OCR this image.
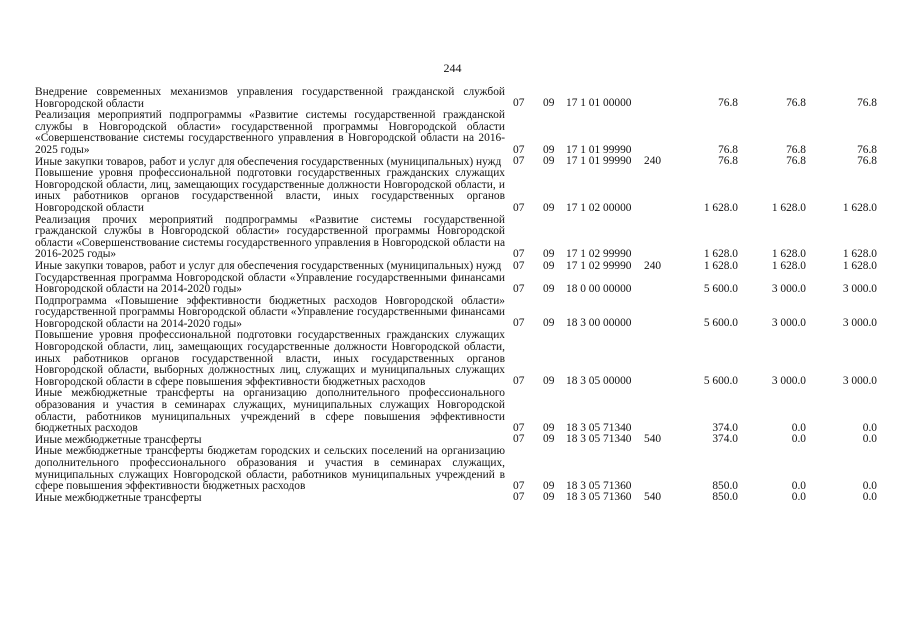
244
Внедрение современных механизмов управления государственной гражданской службой Новгородской области	07 09 17 1 01 00000	76.8	76.8	76.8
Реализация мероприятий подпрограммы «Развитие системы государственной гражданской службы в Новгородской области» государственной программы Новгородской области «Совершенствование системы государственного управления в Новгородской области на 2016-2025 годы»	07 09 17 1 01 99990	76.8	76.8	76.8
Иные закупки товаров, работ и услуг для обеспечения государственных (муниципальных) нужд	07 09 17 1 01 99990 240	76.8	76.8	76.8
Повышение уровня профессиональной подготовки государственных гражданских служащих Новгородской области, лиц, замещающих государственные должности Новгородской области, и иных работников органов государственной власти, иных государственных органов Новгородской области	07 09 17 1 02 00000	1 628.0	1 628.0	1 628.0
Реализация прочих мероприятий подпрограммы «Развитие системы государственной гражданской службы в Новгородской области» государственной программы Новгородской области «Совершенствование системы государственного управления в Новгородской области на 2016-2025 годы»	07 09 17 1 02 99990	1 628.0	1 628.0	1 628.0
Иные закупки товаров, работ и услуг для обеспечения государственных (муниципальных) нужд	07 09 17 1 02 99990 240	1 628.0	1 628.0	1 628.0
Государственная программа Новгородской области «Управление государственными финансами Новгородской области на 2014-2020 годы»	07 09 18 0 00 00000	5 600.0	3 000.0	3 000.0
Подпрограмма «Повышение эффективности бюджетных расходов Новгородской области» государственной программы Новгородской области «Управление государственными финансами Новгородской области на 2014-2020 годы»	07 09 18 3 00 00000	5 600.0	3 000.0	3 000.0
Повышение уровня профессиональной подготовки государственных гражданских служащих Новгородской области, лиц, замещающих государственные должности Новгородской области, иных работников органов государственной власти, иных государственных органов Новгородской области, выборных должностных лиц, служащих и муниципальных служащих Новгородской области в сфере повышения эффективности бюджетных расходов	07 09 18 3 05 00000	5 600.0	3 000.0	3 000.0
Иные межбюджетные трансферты на организацию дополнительного профессионального образования и участия в семинарах служащих, муниципальных служащих Новгородской области, работников муниципальных учреждений в сфере повышения эффективности бюджетных расходов	07 09 18 3 05 71340	374.0	0.0	0.0
Иные межбюджетные трансферты	07 09 18 3 05 71340 540	374.0	0.0	0.0
Иные межбюджетные трансферты бюджетам городских и сельских поселений на организацию дополнительного профессионального образования и участия в семинарах служащих, муниципальных служащих Новгородской области, работников муниципальных учреждений в сфере повышения эффективности бюджетных расходов	07 09 18 3 05 71360	850.0	0.0	0.0
Иные межбюджетные трансферты	07 09 18 3 05 71360 540	850.0	0.0	0.0
